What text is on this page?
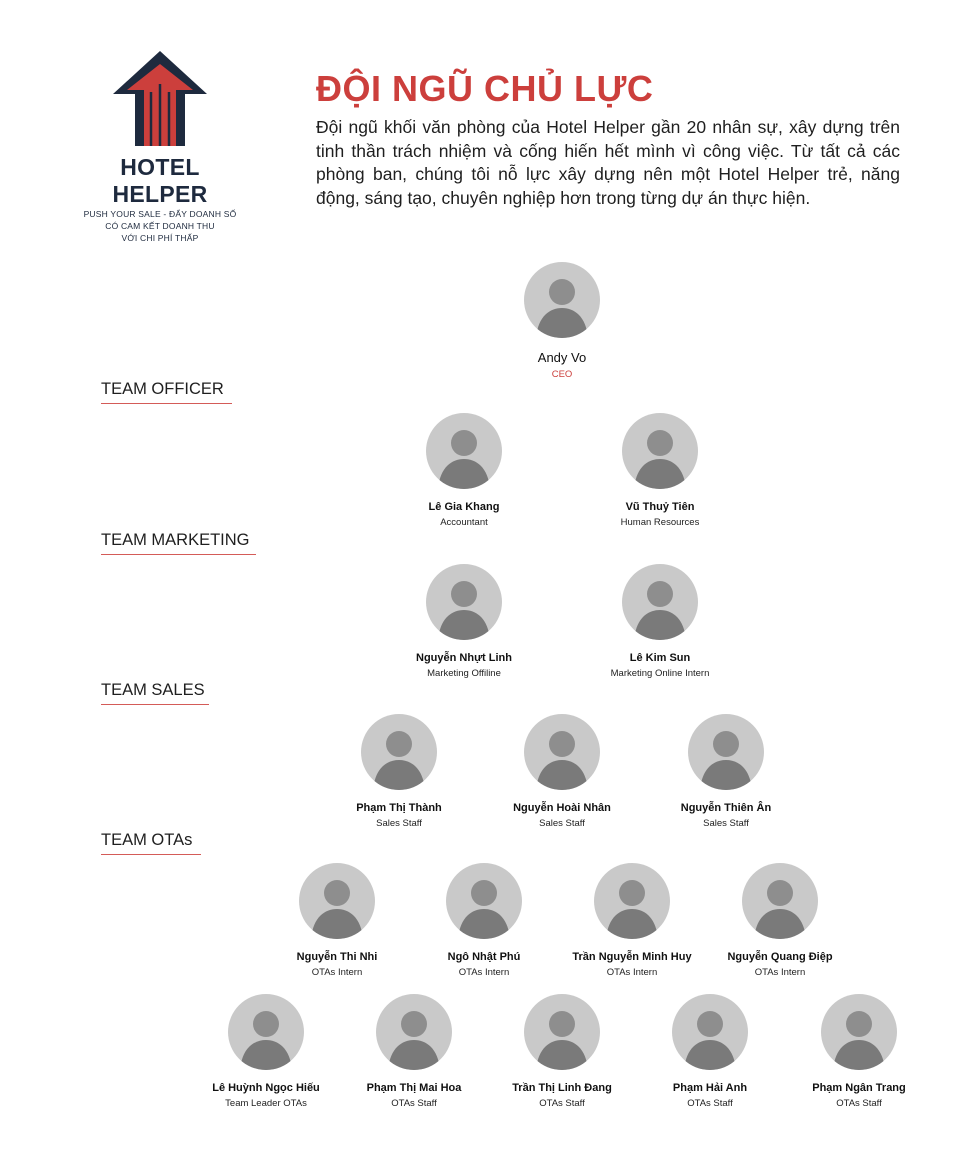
HOTEL HELPER
PUSH YOUR SALE - ĐẨY DOANH SỐ
CÓ CAM KẾT DOANH THU
VỚI CHI PHÍ THẤP
ĐỘI NGŨ CHỦ LỰC

Đội ngũ khối văn phòng của Hotel Helper gần 20 nhân sự, xây dựng trên tinh thần trách nhiệm và cống hiến hết mình vì công việc. Từ tất cả các phòng ban, chúng tôi nỗ lực xây dựng nên một Hotel Helper trẻ, năng động, sáng tạo, chuyên nghiệp hơn trong từng dự án thực hiện.

Andy Vo
CEO
TEAM OFFICER
TEAM MARKETING
TEAM SALES
TEAM OTAs
Lê Gia Khang
Accountant
Vũ Thuỷ Tiên
Human Resources
Nguyễn Nhựt Linh
Marketing Offiline
Lê Kim Sun
Marketing Online Intern
Phạm Thị Thành
Sales Staff
Nguyễn Hoài Nhân
Sales Staff
Nguyễn Thiên Ân
Sales Staff
Nguyễn Thi Nhi
OTAs Intern
Ngô Nhật Phú
OTAs Intern
Trần Nguyễn Minh Huy
OTAs Intern
Nguyễn Quang Điệp
OTAs Intern
Lê Huỳnh Ngọc Hiếu
Team Leader OTAs
Phạm Thị Mai Hoa
OTAs Staff
Trần Thị Linh Đang
OTAs Staff
Phạm Hải Anh
OTAs Staff
Phạm Ngân Trang
OTAs Staff
